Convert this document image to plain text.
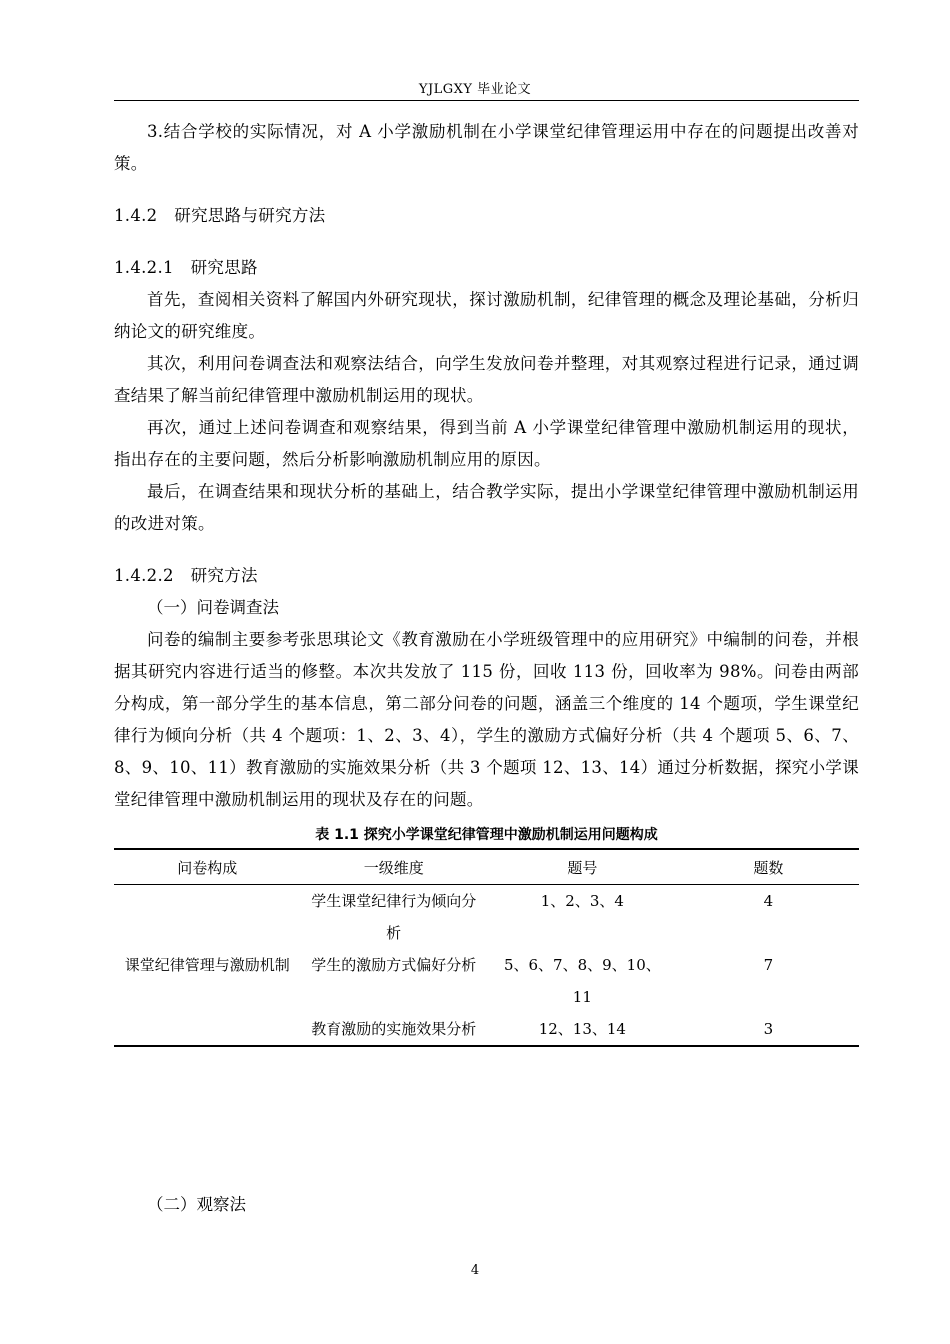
YJLGXY 毕业论文

3.结合学校的实际情况，对 A 小学激励机制在小学课堂纪律管理运用中存在的问题提出改善对策。

1.4.2　研究思路与研究方法

1.4.2.1　研究思路

首先，查阅相关资料了解国内外研究现状，探讨激励机制，纪律管理的概念及理论基础，分析归纳论文的研究维度。

其次，利用问卷调查法和观察法结合，向学生发放问卷并整理，对其观察过程进行记录，通过调查结果了解当前纪律管理中激励机制运用的现状。

再次，通过上述问卷调查和观察结果，得到当前 A 小学课堂纪律管理中激励机制运用的现状，指出存在的主要问题，然后分析影响激励机制应用的原因。

最后，在调查结果和现状分析的基础上，结合教学实际，提出小学课堂纪律管理中激励机制运用的改进对策。

1.4.2.2　研究方法

（一）问卷调查法

问卷的编制主要参考张思琪论文《教育激励在小学班级管理中的应用研究》中编制的问卷，并根据其研究内容进行适当的修整。本次共发放了 115 份，回收 113 份，回收率为 98%。问卷由两部分构成，第一部分学生的基本信息，第二部分问卷的问题，涵盖三个维度的 14 个题项，学生课堂纪律行为倾向分析（共 4 个题项：1、2、3、4），学生的激励方式偏好分析（共 4 个题项 5、6、7、8、9、10、11）教育激励的实施效果分析（共 3 个题项 12、13、14）通过分析数据，探究小学课堂纪律管理中激励机制运用的现状及存在的问题。

表 1.1 探究小学课堂纪律管理中激励机制运用问题构成
问卷构成	一级维度	题号	题数
课堂纪律管理与激励机制	学生课堂纪律行为倾向分析	1、2、3、4	4
	学生的激励方式偏好分析	5、6、7、8、9、10、11	7
	教育激励的实施效果分析	12、13、14	3
（二）观察法
4
